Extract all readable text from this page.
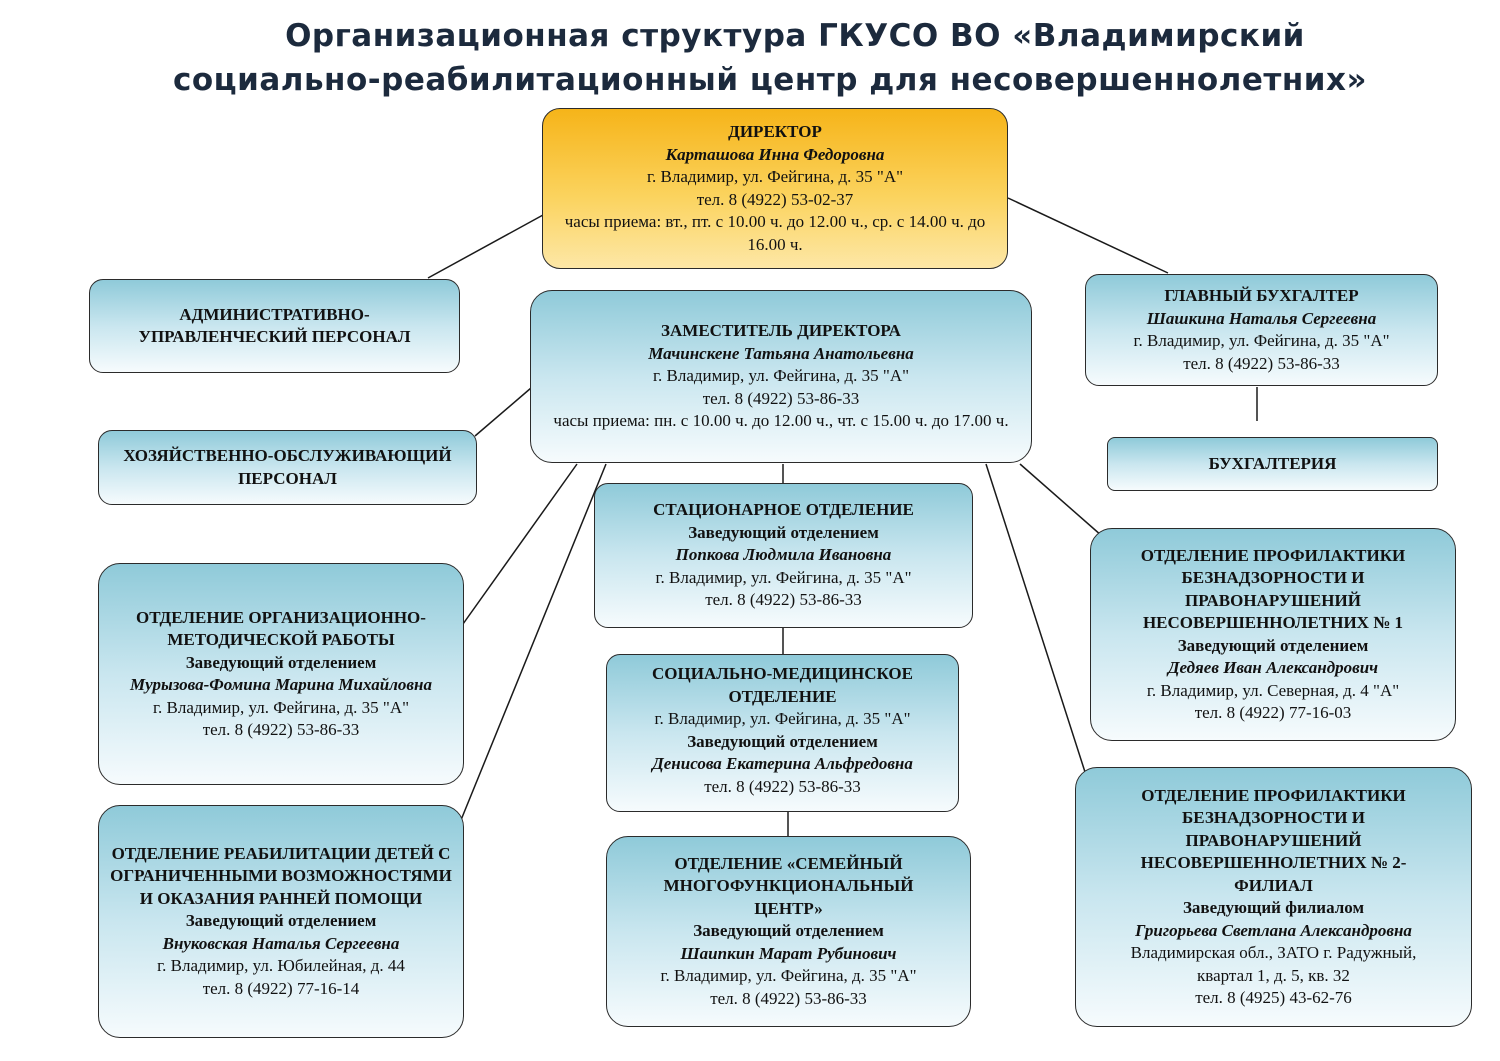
Организационная структура ГКУСО ВО «Владимирский
социально-реабилитационный центр для несовершеннолетних»
ДИРЕКТОР
Карташова Инна Федоровна
г. Владимир, ул. Фейгина, д. 35 "А"
тел. 8 (4922) 53-02-37
часы приема: вт., пт. с 10.00 ч. до 12.00 ч., ср. с 14.00 ч. до 16.00 ч.
АДМИНИСТРАТИВНО-УПРАВЛЕНЧЕСКИЙ ПЕРСОНАЛ	ЗАМЕСТИТЕЛЬ ДИРЕКТОРА
Мачинскене Татьяна Анатольевна
г. Владимир, ул. Фейгина, д. 35 "А"
тел. 8 (4922) 53-86-33
часы приема: пн. с 10.00 ч. до 12.00 ч., чт. с 15.00 ч. до 17.00 ч.
ГЛАВНЫЙ БУХГАЛТЕР
Шашкина Наталья Сергеевна
г. Владимир, ул. Фейгина, д. 35 "А"
тел. 8 (4922) 53-86-33
БУХГАЛТЕРИЯ
ХОЗЯЙСТВЕННО-ОБСЛУЖИВАЮЩИЙ ПЕРСОНАЛ
ОТДЕЛЕНИЕ ОРГАНИЗАЦИОННО-МЕТОДИЧЕСКОЙ РАБОТЫ
Заведующий отделением
Мурызова-Фомина Марина Михайловна
г. Владимир, ул. Фейгина, д. 35 "А"
тел. 8 (4922) 53-86-33
ОТДЕЛЕНИЕ РЕАБИЛИТАЦИИ ДЕТЕЙ С ОГРАНИЧЕННЫМИ ВОЗМОЖНОСТЯМИ И ОКАЗАНИЯ РАННЕЙ ПОМОЩИ
Заведующий отделением
Внуковская Наталья Сергеевна
г. Владимир, ул. Юбилейная, д. 44
тел. 8 (4922) 77-16-14
СТАЦИОНАРНОЕ ОТДЕЛЕНИЕ
Заведующий отделением
Попкова Людмила Ивановна
г. Владимир, ул. Фейгина, д. 35 "А"
тел. 8 (4922) 53-86-33
СОЦИАЛЬНО-МЕДИЦИНСКОЕ ОТДЕЛЕНИЕ
г. Владимир, ул. Фейгина, д. 35 "А"
Заведующий отделением
Денисова Екатерина Альфредовна
тел. 8 (4922) 53-86-33
ОТДЕЛЕНИЕ «СЕМЕЙНЫЙ МНОГОФУНКЦИОНАЛЬНЫЙ ЦЕНТР»
Заведующий отделением
Шаипкин Марат Рубинович
г. Владимир, ул. Фейгина, д. 35 "А"
тел. 8 (4922) 53-86-33
ОТДЕЛЕНИЕ ПРОФИЛАКТИКИ БЕЗНАДЗОРНОСТИ И ПРАВОНАРУШЕНИЙ НЕСОВЕРШЕННОЛЕТНИХ № 1
Заведующий отделением
Дедяев Иван Александрович
г. Владимир, ул. Северная, д. 4 "А"
тел. 8 (4922) 77-16-03
ОТДЕЛЕНИЕ ПРОФИЛАКТИКИ БЕЗНАДЗОРНОСТИ И ПРАВОНАРУШЕНИЙ НЕСОВЕРШЕННОЛЕТНИХ № 2-ФИЛИАЛ
Заведующий филиалом
Григорьева Светлана Александровна
Владимирская обл., ЗАТО г. Радужный, квартал 1, д. 5, кв. 32
тел. 8 (4925) 43-62-76
